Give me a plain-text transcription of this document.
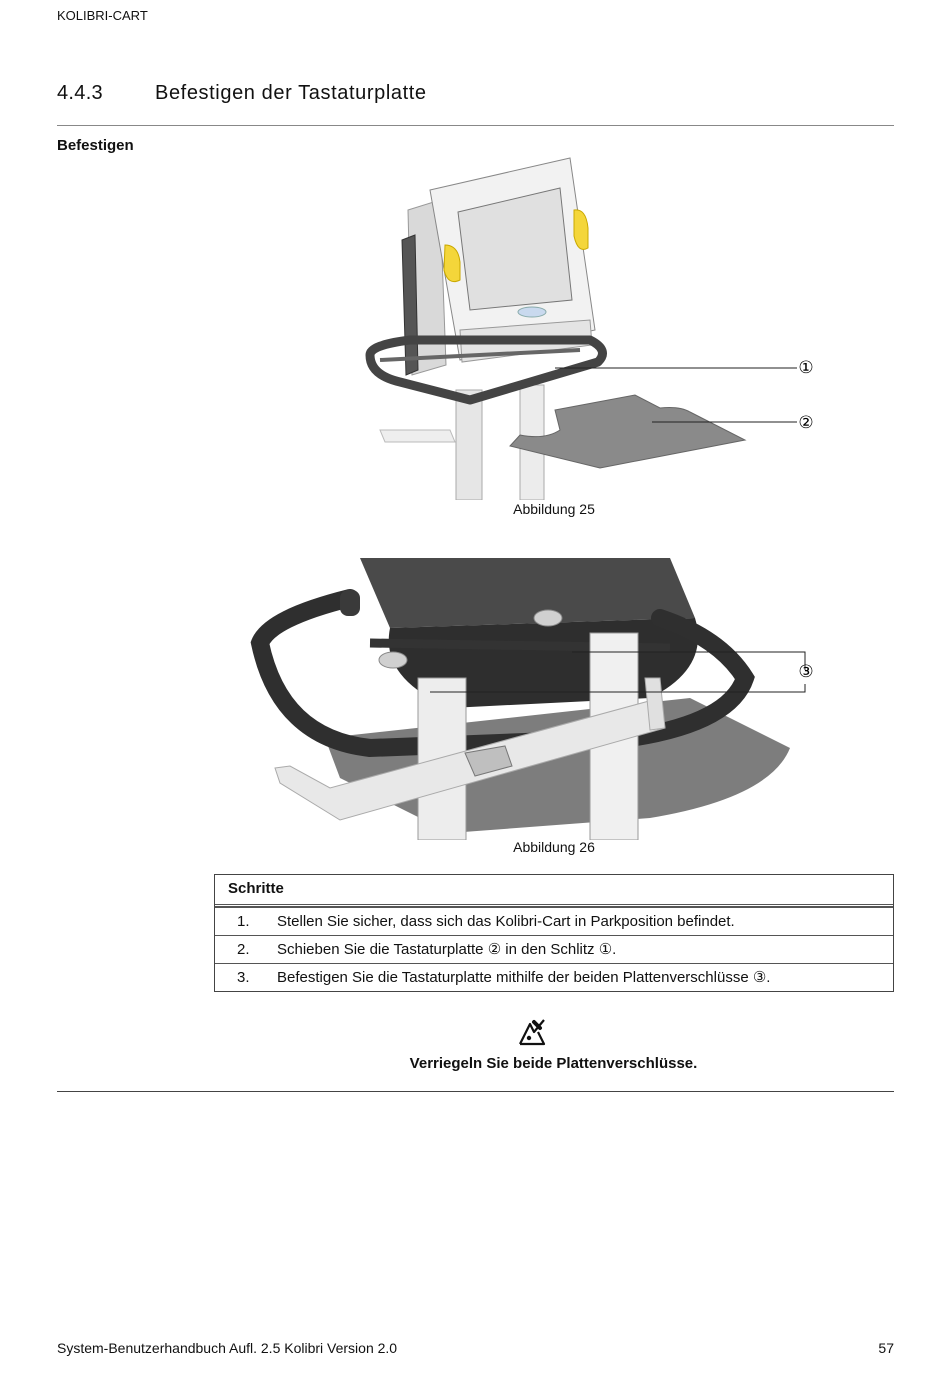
KOLIBRI-CART
4.4.3	Befestigen der Tastaturplatte
Befestigen
①
②
Abbildung 25
③
Abbildung 26
Schritte
1. Stellen Sie sicher, dass sich das Kolibri-Cart in Parkposition befindet.
2. Schieben Sie die Tastaturplatte ② in den Schlitz ①.
3. Befestigen Sie die Tastaturplatte mithilfe der beiden Plattenverschlüsse ③.
Verriegeln Sie beide Plattenverschlüsse.
System-Benutzerhandbuch Aufl. 2.5 Kolibri Version 2.0	57
